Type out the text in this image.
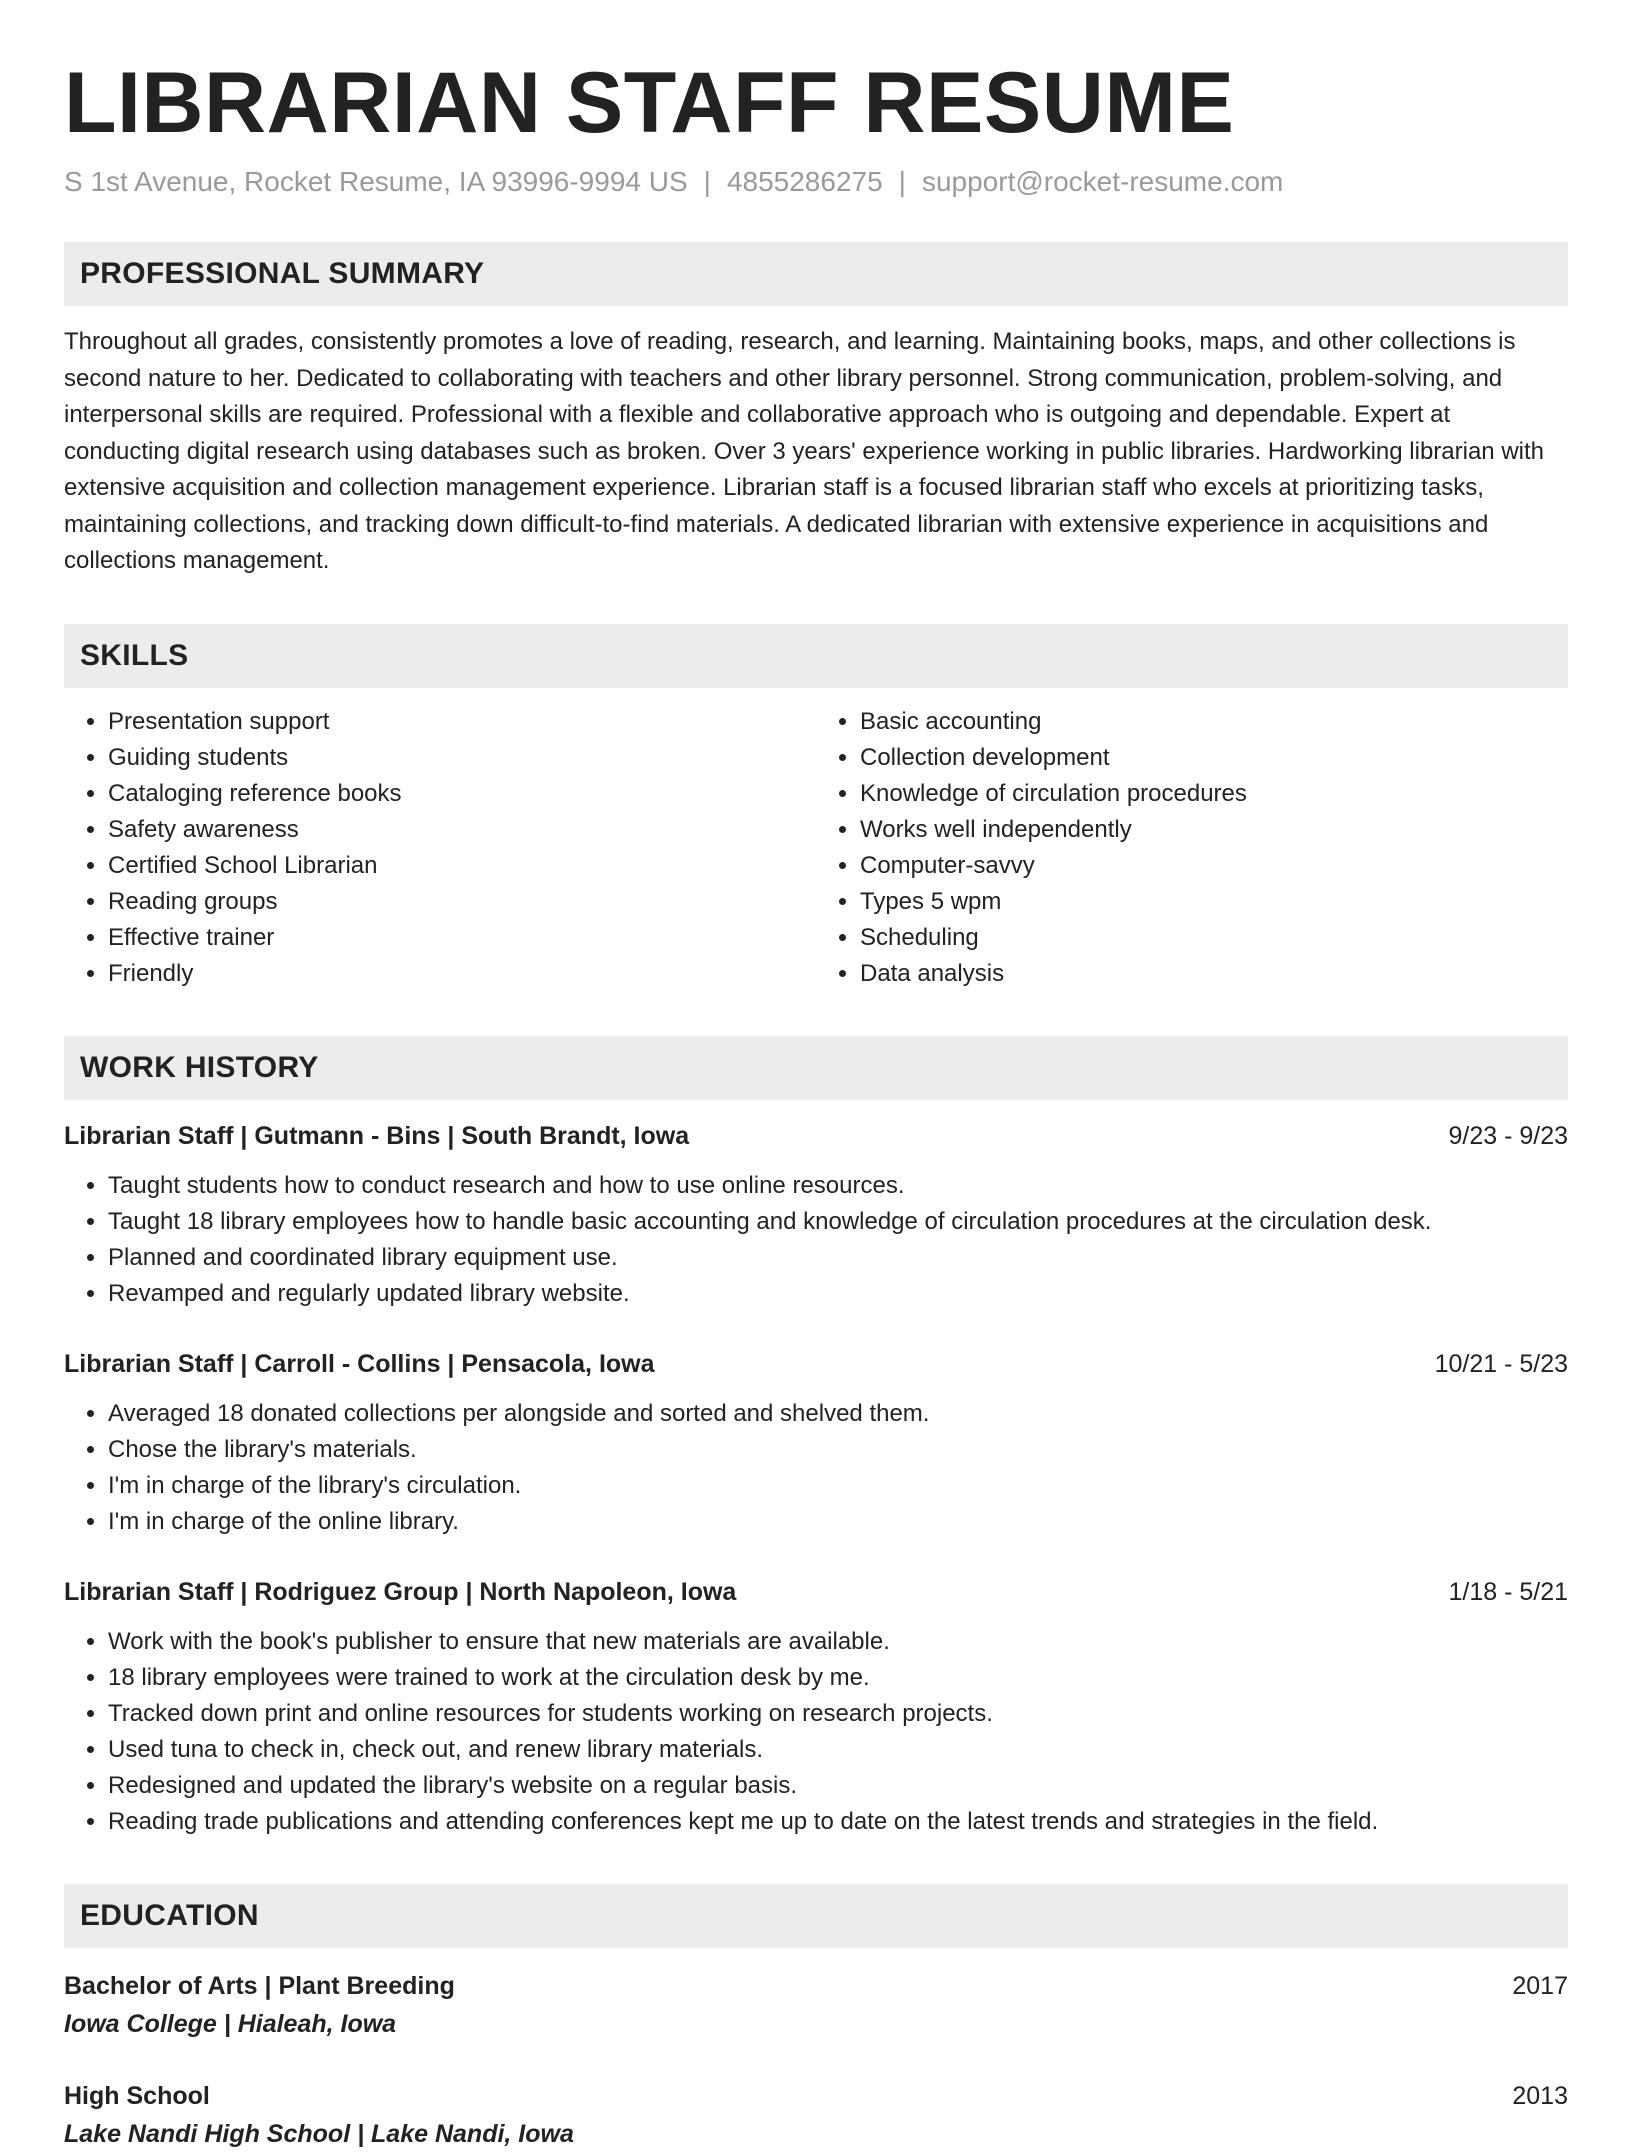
LIBRARIAN STAFF RESUME
S 1st Avenue, Rocket Resume, IA 93996-9994 US | 4855286275 | support@rocket-resume.com
PROFESSIONAL SUMMARY
Throughout all grades, consistently promotes a love of reading, research, and learning. Maintaining books, maps, and other collections is second nature to her. Dedicated to collaborating with teachers and other library personnel. Strong communication, problem-solving, and interpersonal skills are required. Professional with a flexible and collaborative approach who is outgoing and dependable. Expert at conducting digital research using databases such as broken. Over 3 years' experience working in public libraries. Hardworking librarian with extensive acquisition and collection management experience. Librarian staff is a focused librarian staff who excels at prioritizing tasks, maintaining collections, and tracking down difficult-to-find materials. A dedicated librarian with extensive experience in acquisitions and collections management.
SKILLS
• Presentation support
• Guiding students
• Cataloging reference books
• Safety awareness
• Certified School Librarian
• Reading groups
• Effective trainer
• Friendly
• Basic accounting
• Collection development
• Knowledge of circulation procedures
• Works well independently
• Computer-savvy
• Types 5 wpm
• Scheduling
• Data analysis
WORK HISTORY
Librarian Staff | Gutmann - Bins | South Brandt, Iowa	9/23 - 9/23
• Taught students how to conduct research and how to use online resources.
• Taught 18 library employees how to handle basic accounting and knowledge of circulation procedures at the circulation desk.
• Planned and coordinated library equipment use.
• Revamped and regularly updated library website.
Librarian Staff | Carroll - Collins | Pensacola, Iowa	10/21 - 5/23
• Averaged 18 donated collections per alongside and sorted and shelved them.
• Chose the library's materials.
• I'm in charge of the library's circulation.
• I'm in charge of the online library.
Librarian Staff | Rodriguez Group | North Napoleon, Iowa	1/18 - 5/21
• Work with the book's publisher to ensure that new materials are available.
• 18 library employees were trained to work at the circulation desk by me.
• Tracked down print and online resources for students working on research projects.
• Used tuna to check in, check out, and renew library materials.
• Redesigned and updated the library's website on a regular basis.
• Reading trade publications and attending conferences kept me up to date on the latest trends and strategies in the field.
EDUCATION
Bachelor of Arts | Plant Breeding	2017
Iowa College | Hialeah, Iowa
High School	2013
Lake Nandi High School | Lake Nandi, Iowa
